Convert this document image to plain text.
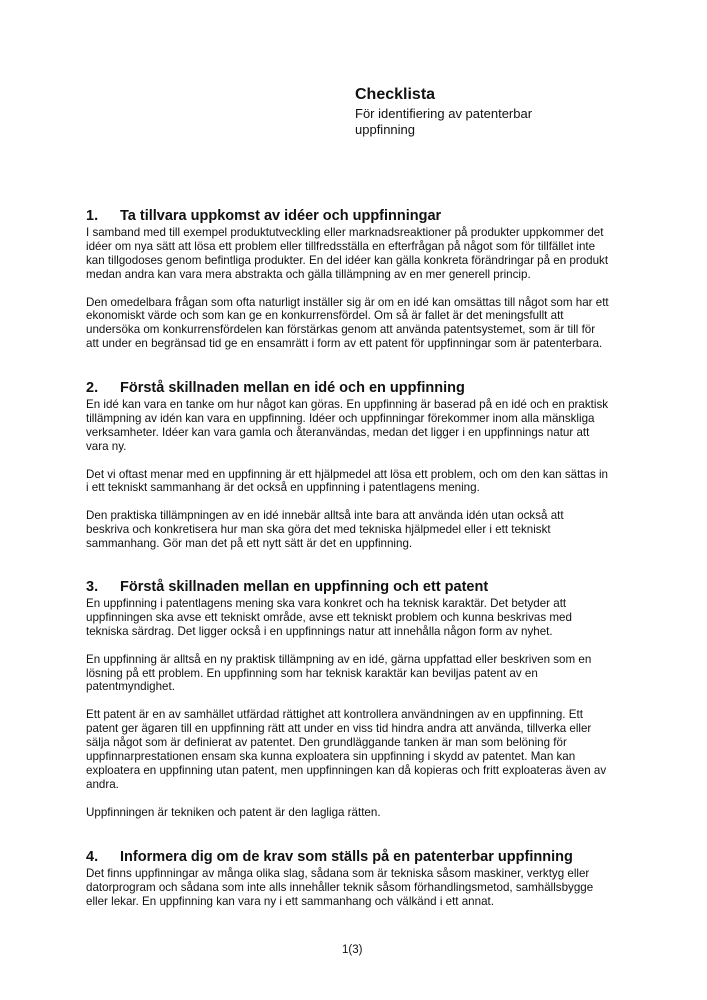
Checklista
För identifiering av patenterbar
uppfinning
1. Ta tillvara uppkomst av idéer och uppfinningar
I samband med till exempel produktutveckling eller marknadsreaktioner på produkter uppkommer det
idéer om nya sätt att lösa ett problem eller tillfredsställa en efterfrågan på något som för tillfället inte
kan tillgodoses genom befintliga produkter. En del idéer kan gälla konkreta förändringar på en produkt
medan andra kan vara mera abstrakta och gälla tillämpning av en mer generell princip.
Den omedelbara frågan som ofta naturligt inställer sig är om en idé kan omsättas till något som har ett
ekonomiskt värde och som kan ge en konkurrensfördel. Om så är fallet är det meningsfullt att
undersöka om konkurrensfördelen kan förstärkas genom att använda patentsystemet, som är till för
att under en begränsad tid ge en ensamrätt i form av ett patent för uppfinningar som är patenterbara.
2. Förstå skillnaden mellan en idé och en uppfinning
En idé kan vara en tanke om hur något kan göras. En uppfinning är baserad på en idé och en praktisk
tillämpning av idén kan vara en uppfinning. Idéer och uppfinningar förekommer inom alla mänskliga
verksamheter. Idéer kan vara gamla och återanvändas, medan det ligger i en uppfinnings natur att
vara ny.
Det vi oftast menar med en uppfinning är ett hjälpmedel att lösa ett problem, och om den kan sättas in
i ett tekniskt sammanhang är det också en uppfinning i patentlagens mening.
Den praktiska tillämpningen av en idé innebär alltså inte bara att använda idén utan också att
beskriva och konkretisera hur man ska göra det med tekniska hjälpmedel eller i ett tekniskt
sammanhang. Gör man det på ett nytt sätt är det en uppfinning.
3. Förstå skillnaden mellan en uppfinning och ett patent
En uppfinning i patentlagens mening ska vara konkret och ha teknisk karaktär. Det betyder att
uppfinningen ska avse ett tekniskt område, avse ett tekniskt problem och kunna beskrivas med
tekniska särdrag. Det ligger också i en uppfinnings natur att innehålla någon form av nyhet.
En uppfinning är alltså en ny praktisk tillämpning av en idé, gärna uppfattad eller beskriven som en
lösning på ett problem. En uppfinning som har teknisk karaktär kan beviljas patent av en
patentmyndighet.
Ett patent är en av samhället utfärdad rättighet att kontrollera användningen av en uppfinning. Ett
patent ger ägaren till en uppfinning rätt att under en viss tid hindra andra att använda, tillverka eller
sälja något som är definierat av patentet. Den grundläggande tanken är man som belöning för
uppfinnarprestationen ensam ska kunna exploatera sin uppfinning i skydd av patentet. Man kan
exploatera en uppfinning utan patent, men uppfinningen kan då kopieras och fritt exploateras även av
andra.
Uppfinningen är tekniken och patent är den lagliga rätten.
4. Informera dig om de krav som ställs på en patenterbar uppfinning
Det finns uppfinningar av många olika slag, sådana som är tekniska såsom maskiner, verktyg eller
datorprogram och sådana som inte alls innehåller teknik såsom förhandlingsmetod, samhällsbygge
eller lekar. En uppfinning kan vara ny i ett sammanhang och välkänd i ett annat.
1(3)
